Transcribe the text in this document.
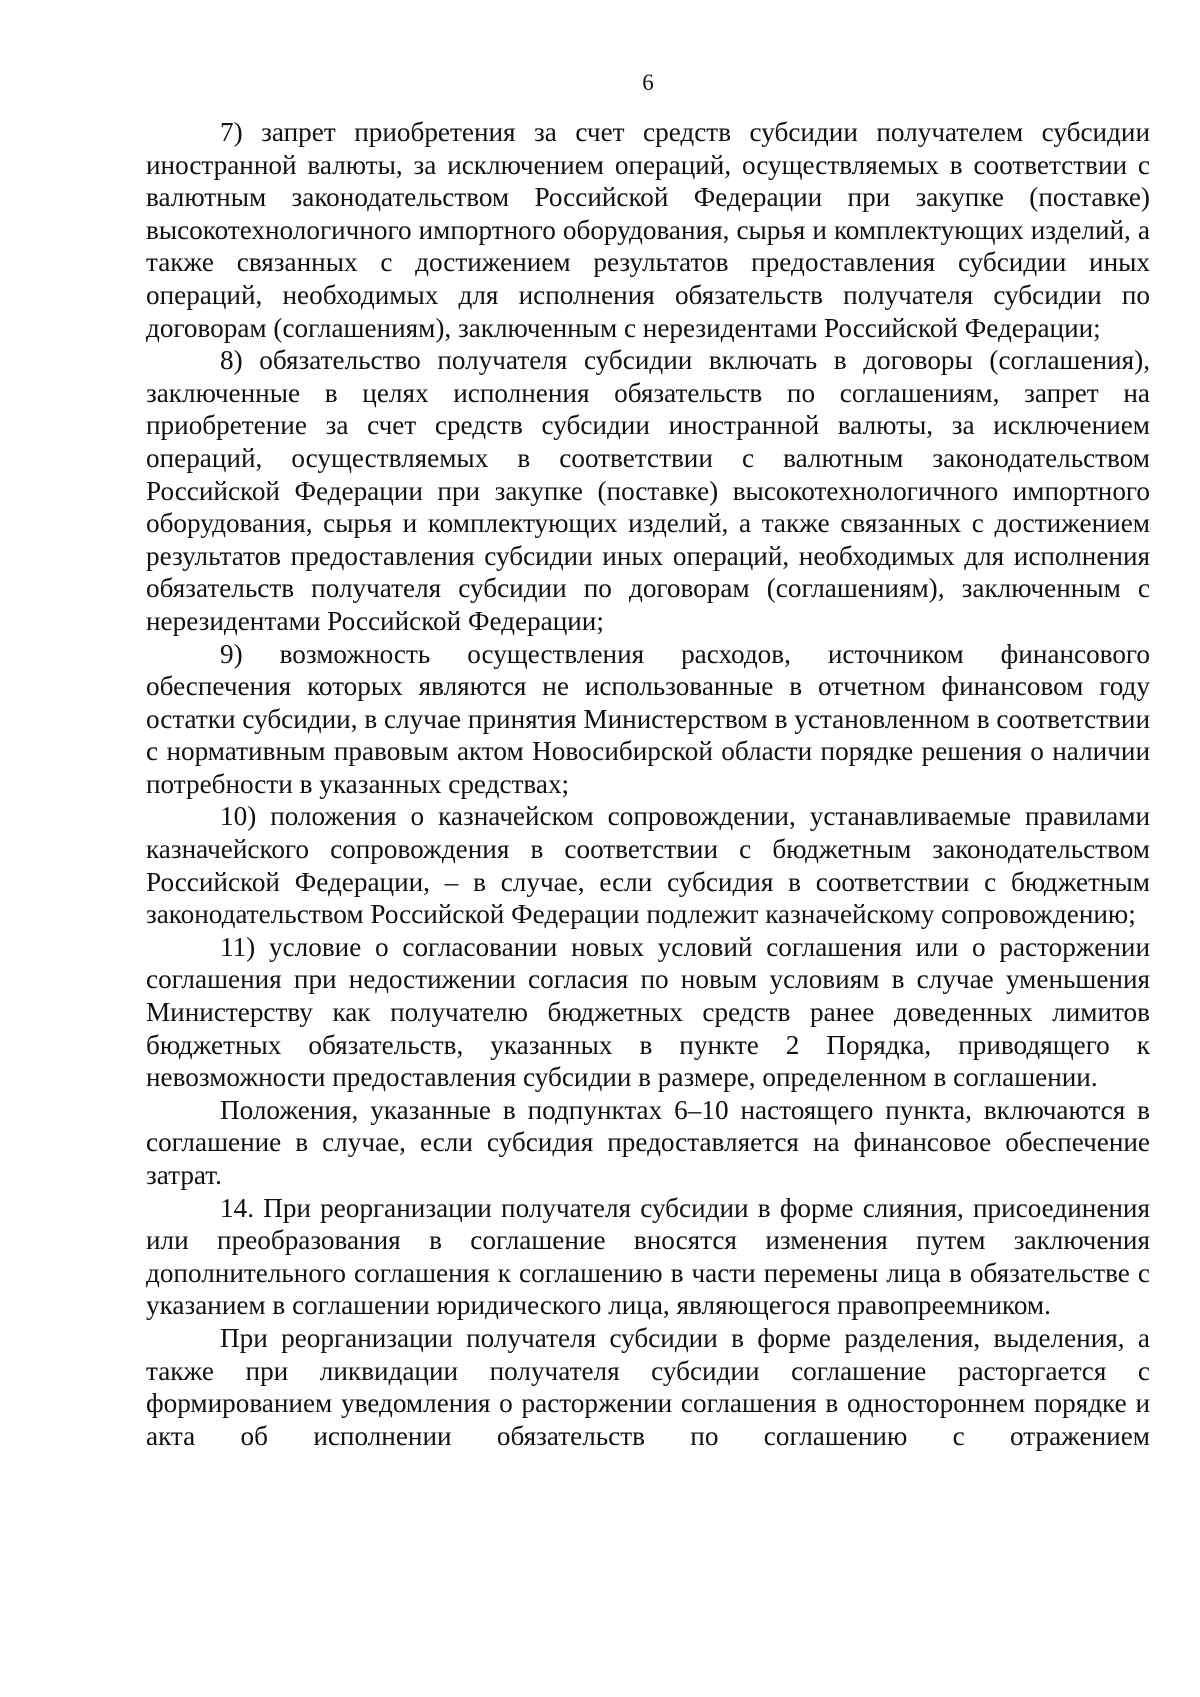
6

7) запрет приобретения за счет средств субсидии получателем субсидии иностранной валюты, за исключением операций, осуществляемых в соответствии с валютным законодательством Российской Федерации при закупке (поставке) высокотехнологичного импортного оборудования, сырья и комплектующих изделий, а также связанных с достижением результатов предоставления субсидии иных операций, необходимых для исполнения обязательств получателя субсидии по договорам (соглашениям), заключенным с нерезидентами Российской Федерации;

8) обязательство получателя субсидии включать в договоры (соглашения), заключенные в целях исполнения обязательств по соглашениям, запрет на приобретение за счет средств субсидии иностранной валюты, за исключением операций, осуществляемых в соответствии с валютным законодательством Российской Федерации при закупке (поставке) высокотехнологичного импортного оборудования, сырья и комплектующих изделий, а также связанных с достижением результатов предоставления субсидии иных операций, необходимых для исполнения обязательств получателя субсидии по договорам (соглашениям), заключенным с нерезидентами Российской Федерации;

9) возможность осуществления расходов, источником финансового обеспечения которых являются не использованные в отчетном финансовом году остатки субсидии, в случае принятия Министерством в установленном в соответствии с нормативным правовым актом Новосибирской области порядке решения о наличии потребности в указанных средствах;

10) положения о казначейском сопровождении, устанавливаемые правилами казначейского сопровождения в соответствии с бюджетным законодательством Российской Федерации, – в случае, если субсидия в соответствии с бюджетным законодательством Российской Федерации подлежит казначейскому сопровождению;

11) условие о согласовании новых условий соглашения или о расторжении соглашения при недостижении согласия по новым условиям в случае уменьшения Министерству как получателю бюджетных средств ранее доведенных лимитов бюджетных обязательств, указанных в пункте 2 Порядка, приводящего к невозможности предоставления субсидии в размере, определенном в соглашении.

Положения, указанные в подпунктах 6–10 настоящего пункта, включаются в соглашение в случае, если субсидия предоставляется на финансовое обеспечение затрат.

14. При реорганизации получателя субсидии в форме слияния, присоединения или преобразования в соглашение вносятся изменения путем заключения дополнительного соглашения к соглашению в части перемены лица в обязательстве с указанием в соглашении юридического лица, являющегося правопреемником.

При реорганизации получателя субсидии в форме разделения, выделения, а также при ликвидации получателя субсидии соглашение расторгается с формированием уведомления о расторжении соглашения в одностороннем порядке и акта об исполнении обязательств по соглашению с отражением
